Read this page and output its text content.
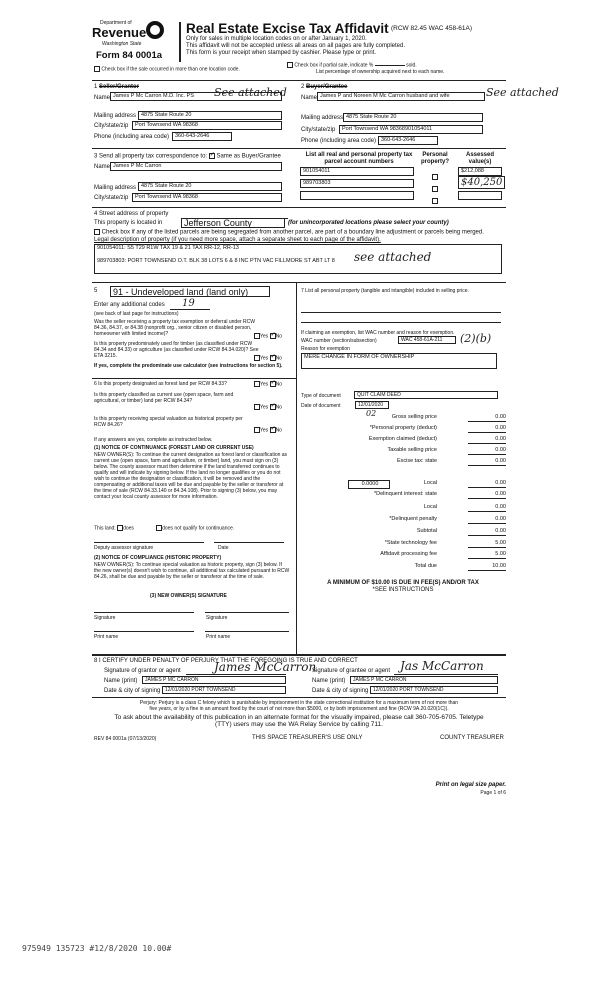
Department of
Revenue
Washington State
Form 84 0001a
Real Estate Excise Tax Affidavit (RCW 82.45 WAC 458-61A)
Only for sales in multiple location codes on or after January 1, 2020.
This affidavit will not be accepted unless all areas on all pages are fully completed.
This form is your receipt when stamped by cashier. Please type or print.
Check box if the sale occurred in more than one location code.
Check box if partial sale, indicate %	sold.
List percentage of ownership acquired next to each name.
1 Seller/Grantor
Name James P Mc Carron M.D. Inc. PS	See attached
Mailing address 4875 State Route 20
City/state/zip	Port Townsend WA 98368
Phone (including area code)	360-643-2646
2 Buyer/Grantee
Name James P and Noreen M Mc Carron husband and wife	See attached
Mailing address 4875 State Route 20
City/state/zip	Port Townsend WA 98368901054011
Phone (including area code) 360-643-2646
3 Send all property tax correspondence to: ✓ Same as Buyer/Grantee
Name James P Mc Carron
Mailing address 4875 State Route 20
City/state/zip	Port Townsend WA 98368
List all real and personal property tax parcel account numbers
Personal property?
Assessed value(s)
901054011	$212,088
989703803	$40,250
4 Street address of property
This property is located in	Jefferson County	(for unincorporated locations please select your county)
Check box if any of the listed parcels are being segregated from another parcel, are part of a boundary line adjustment or parcels being merged.
Legal description of property (if you need more space, attach a separate sheet to each page of the affidavit).
901054011: S5 T29 R1W TAX 19 & 21 TAX RR-12, RR-13
989703803: PORT TOWNSEND O.T. BLK 38 LOTS 6 & 8 INC PTN VAC FILLMORE ST ABT LT 8	see attached
5	91 - Undeveloped land (land only)
Enter any additional codes 19
(see back of last page for instructions)
Was the seller receiving a property tax exemption or deferral under RCW 84.36, 84.37, or 84.38 (nonprofit org., senior citizen or disabled person, homeowner with limited income)?	Yes ✓ No
Is this property predominately used for timber (as classified under RCW 84.34 and 84.33) or agriculture (as classified under RCW 84.34.020)? See ETA 3215.	Yes ✓ No
If yes, complete the predominate use calculator (see instructions for section 5).
6 Is this property designated as forest land per RCW 84.33?	Yes ✓ No
Is this property classified as current use (open space, farm and agricultural, or timber) land per RCW 84.34?
Yes ✓ No
Is this property receiving special valuation as historical property per RCW 84.26?
Yes ✓ No
If any answers are yes, complete as instructed below.
(1) NOTICE OF CONTINUANCE (FOREST LAND OR CURRENT USE)
NEW OWNER(S): To continue the current designation as forest land or classification as current use (open space, farm and agriculture, or timber) land, you must sign on (3) below. The county assessor must then determine if the land transferred continues to qualify and will indicate by signing below. If the land no longer qualifies or you do not wish to continue the designation or classification, it will be removed and the compensating or additional taxes will be due and payable by the seller or transferor at the time of sale (RCW 84.33.140 or 84.34.108). Prior to signing (3) below, you may contact your local county assessor for more information.
This land: does	does not qualify for continuance.
Deputy assessor signature	Date
(2) NOTICE OF COMPLIANCE (HISTORIC PROPERTY)
NEW OWNER(S): To continue special valuation as historic property, sign (3) below. If the new owner(s) doesn't wish to continue, all additional tax calculated pursuant to RCW 84.26, shall be due and payable by the seller or transferor at the time of sale.
(3) NEW OWNER(S) SIGNATURE
Signature	Signature
Print name	Print name
7 List all personal property (tangible and intangible) included in selling price.
If claiming an exemption, list WAC number and reason for exemption.
WAC number (section/subsection)	WAC 458-61A-211	(2)(b)
Reason for exemption
MERE CHANGE IN FORM OF OWNERSHIP
Type of document	QUIT CLAIM DEED
Date of document	12/01/2020
02	Gross selling price	0.00
*Personal property (deduct)	0.00
Exemption claimed (deduct)	0.00
Taxable selling price	0.00
Excise tax: state	0.00
0.0000	Local	0.00
*Delinquent interest: state	0.00
Local	0.00
*Delinquent penalty	0.00
Subtotal	0.00
*State technology fee	5.00
Affidavit processing fee	5.00
Total due	10.00
A MINIMUM OF $10.00 IS DUE IN FEE(S) AND/OR TAX
*SEE INSTRUCTIONS
8 I CERTIFY UNDER PENALTY OF PERJURY THAT THE FOREGOING IS TRUE AND CORRECT
Signature of grantor or agent	James McCarron
Name (print)	JAMES P MC CARRON
Date & city of signing 12/01/2020 PORT TOWNSEND
Signature of grantee or agent Jas McCarron
Name (print)	JAMES P MC CARRON
Date & city of signing 12/01/2020 PORT TOWNSEND
Perjury: Perjury is a class C felony which is punishable by imprisonment in the state correctional institution for a maximum term of not more than
five years, or by a fine in an amount fixed by the court of not more than $5000, or by both imprisonment and fine (RCW 9A.20.020(1C)).
To ask about the availability of this publication in an alternate format for the visually impaired, please call 360-705-6705. Teletype
(TTY) users may use the WA Relay Service by calling 711.
REV 84 0001a (07/13/2020)	THIS SPACE TREASURER'S USE ONLY	COUNTY TREASURER
Print on legal size paper.
Page 1 of 6
975949 135723 #12/8/2020 10.00#
